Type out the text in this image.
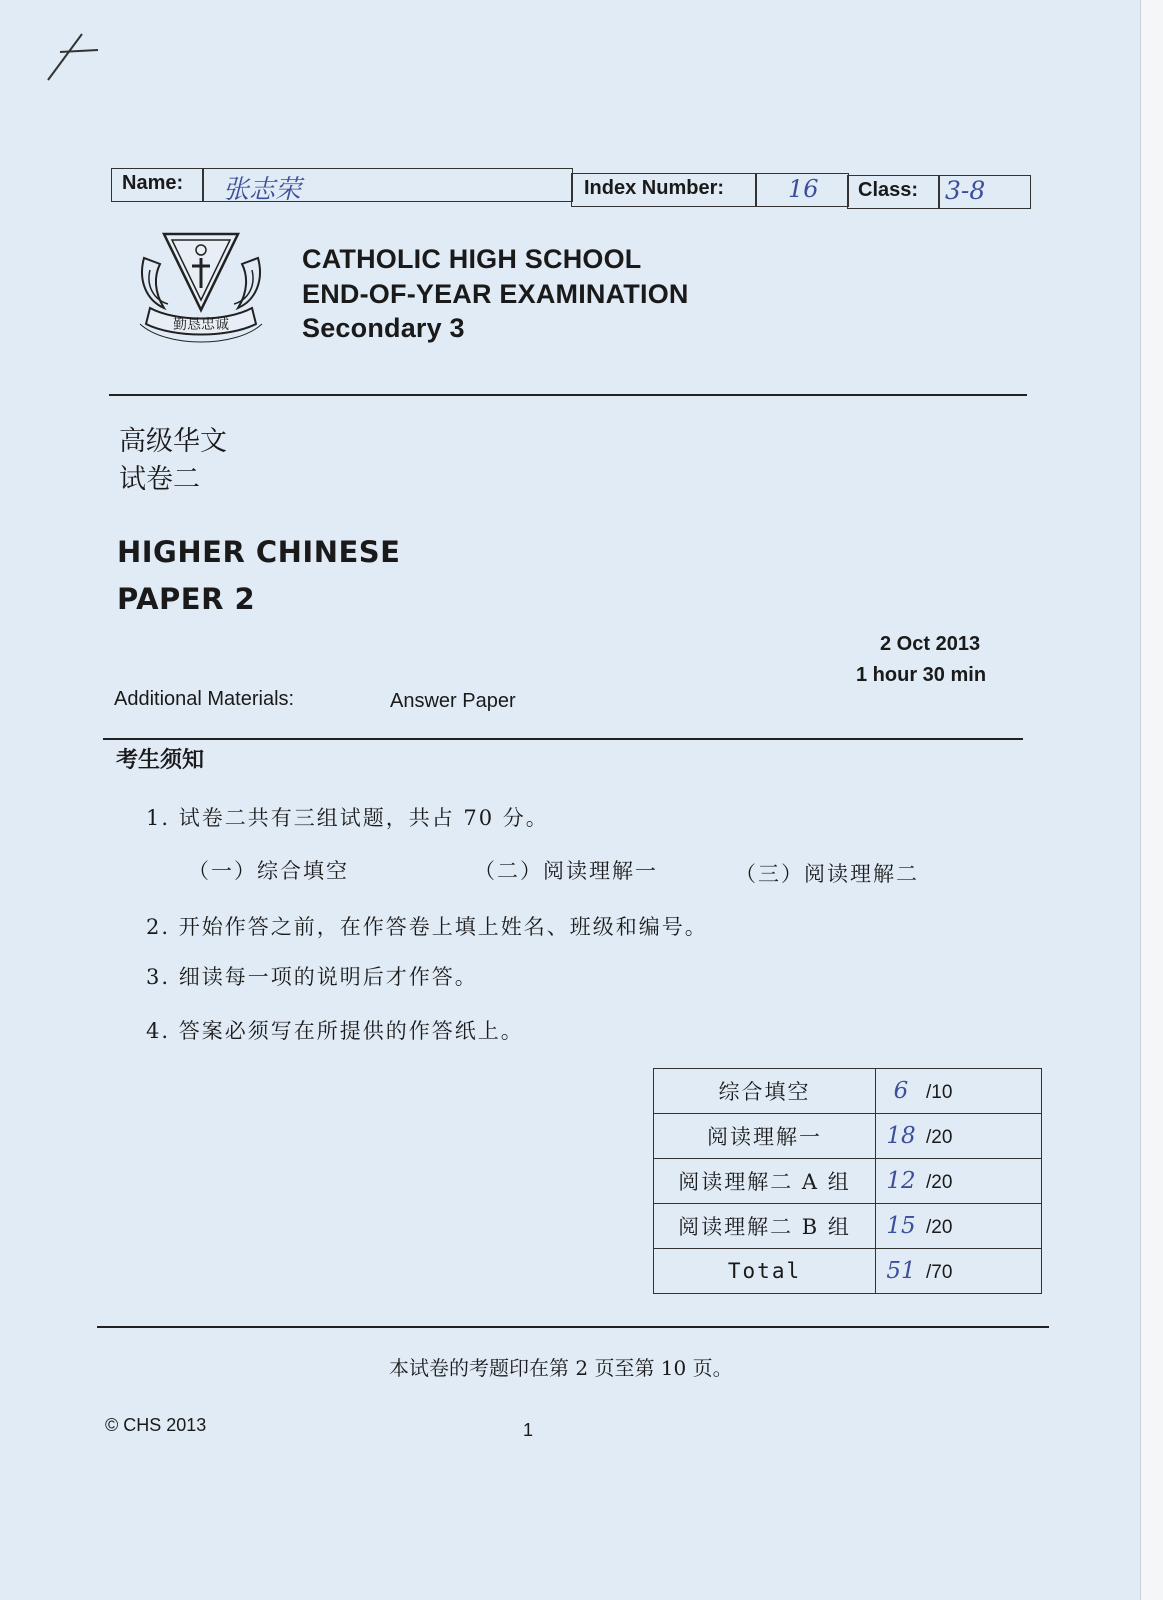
Name: 张志荣	Index Number:	16 Class: 3-8
勤恳忠诚
CATHOLIC HIGH SCHOOL
END-OF-YEAR EXAMINATION
Secondary 3
高级华文
试卷二
HIGHER CHINESE
PAPER 2
2 Oct 2013
1 hour 30 min
Additional Materials:	Answer Paper
考生须知
1. 试卷二共有三组试题，共占 70 分。
（一）综合填空	（二）阅读理解一	（三）阅读理解二
2. 开始作答之前，在作答卷上填上姓名、班级和编号。
3. 细读每一项的说明后才作答。
4. 答案必须写在所提供的作答纸上。
综合填空	6 /10
阅读理解一	18 /20
阅读理解二 A 组	12 /20
阅读理解二 B 组	15 /20
Total	51 /70
本试卷的考题印在第 2 页至第 10 页。
© CHS 2013	1
